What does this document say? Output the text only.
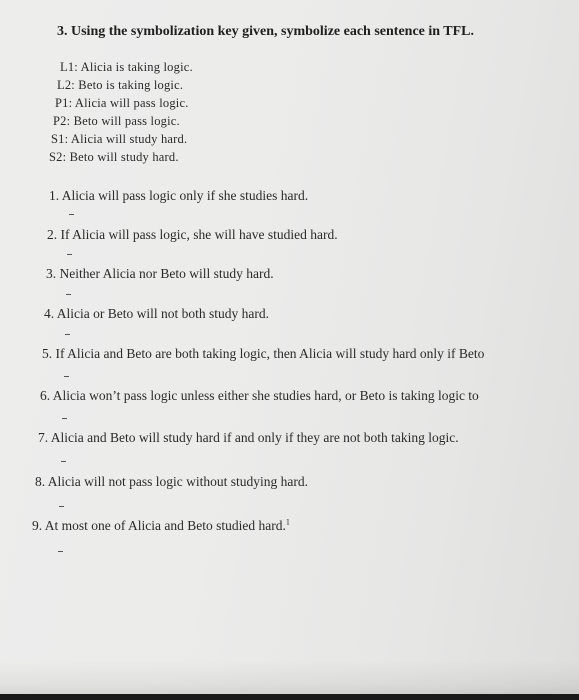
3. Using the symbolization key given, symbolize each sentence in TFL.
L1: Alicia is taking logic.
L2: Beto is taking logic.
P1: Alicia will pass logic.
P2: Beto will pass logic.
S1: Alicia will study hard.
S2: Beto will study hard.
1. Alicia will pass logic only if she studies hard.
2. If Alicia will pass logic, she will have studied hard.
3. Neither Alicia nor Beto will study hard.
4. Alicia or Beto will not both study hard.
5. If Alicia and Beto are both taking logic, then Alicia will study hard only if Beto
6. Alicia won’t pass logic unless either she studies hard, or Beto is taking logic to
7. Alicia and Beto will study hard if and only if they are not both taking logic.
8. Alicia will not pass logic without studying hard.
9. At most one of Alicia and Beto studied hard.$^1$
